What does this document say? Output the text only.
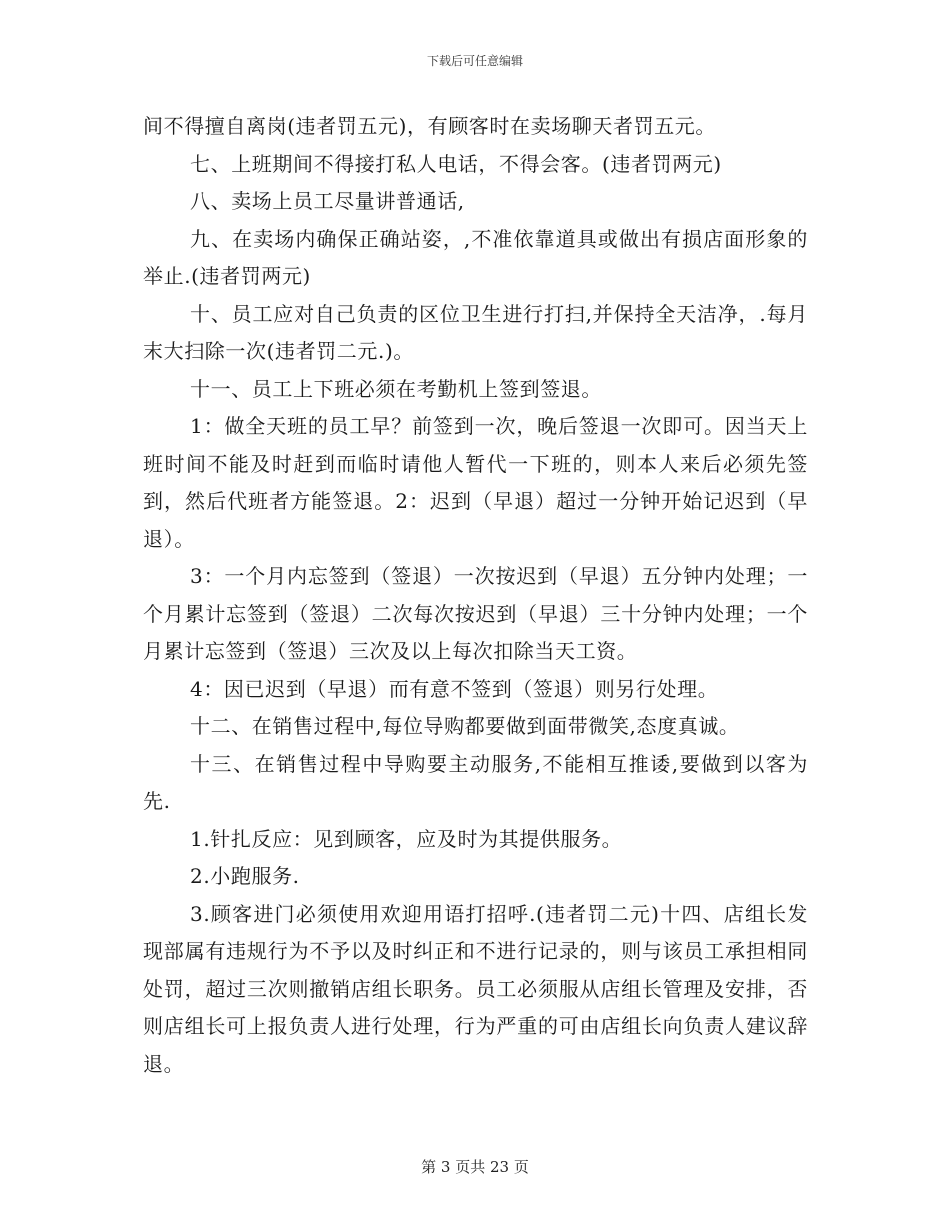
下载后可任意编辑

间不得擅自离岗(违者罚五元)，有顾客时在卖场聊天者罚五元。

七、上班期间不得接打私人电话，不得会客。(违者罚两元)

八、卖场上员工尽量讲普通话,

九、在卖场内确保正确站姿，,不准依靠道具或做出有损店面形象的举止.(违者罚两元)

十、员工应对自己负责的区位卫生进行打扫,并保持全天洁净，.每月末大扫除一次(违者罚二元.)。

十一、员工上下班必须在考勤机上签到签退。

1：做全天班的员工早？前签到一次，晚后签退一次即可。因当天上班时间不能及时赶到而临时请他人暂代一下班的，则本人来后必须先签到，然后代班者方能签退。2：迟到（早退）超过一分钟开始记迟到（早退）。

3：一个月内忘签到（签退）一次按迟到（早退）五分钟内处理；一个月累计忘签到（签退）二次每次按迟到（早退）三十分钟内处理；一个月累计忘签到（签退）三次及以上每次扣除当天工资。

4：因已迟到（早退）而有意不签到（签退）则另行处理。

十二、在销售过程中,每位导购都要做到面带微笑,态度真诚。

十三、在销售过程中导购要主动服务,不能相互推诿,要做到以客为先.

1.针扎反应：见到顾客，应及时为其提供服务。

2.小跑服务.

3.顾客进门必须使用欢迎用语打招呼.(违者罚二元)十四、店组长发现部属有违规行为不予以及时纠正和不进行记录的，则与该员工承担相同处罚，超过三次则撤销店组长职务。员工必须服从店组长管理及安排，否则店组长可上报负责人进行处理，行为严重的可由店组长向负责人建议辞退。

第 3 页共 23 页
